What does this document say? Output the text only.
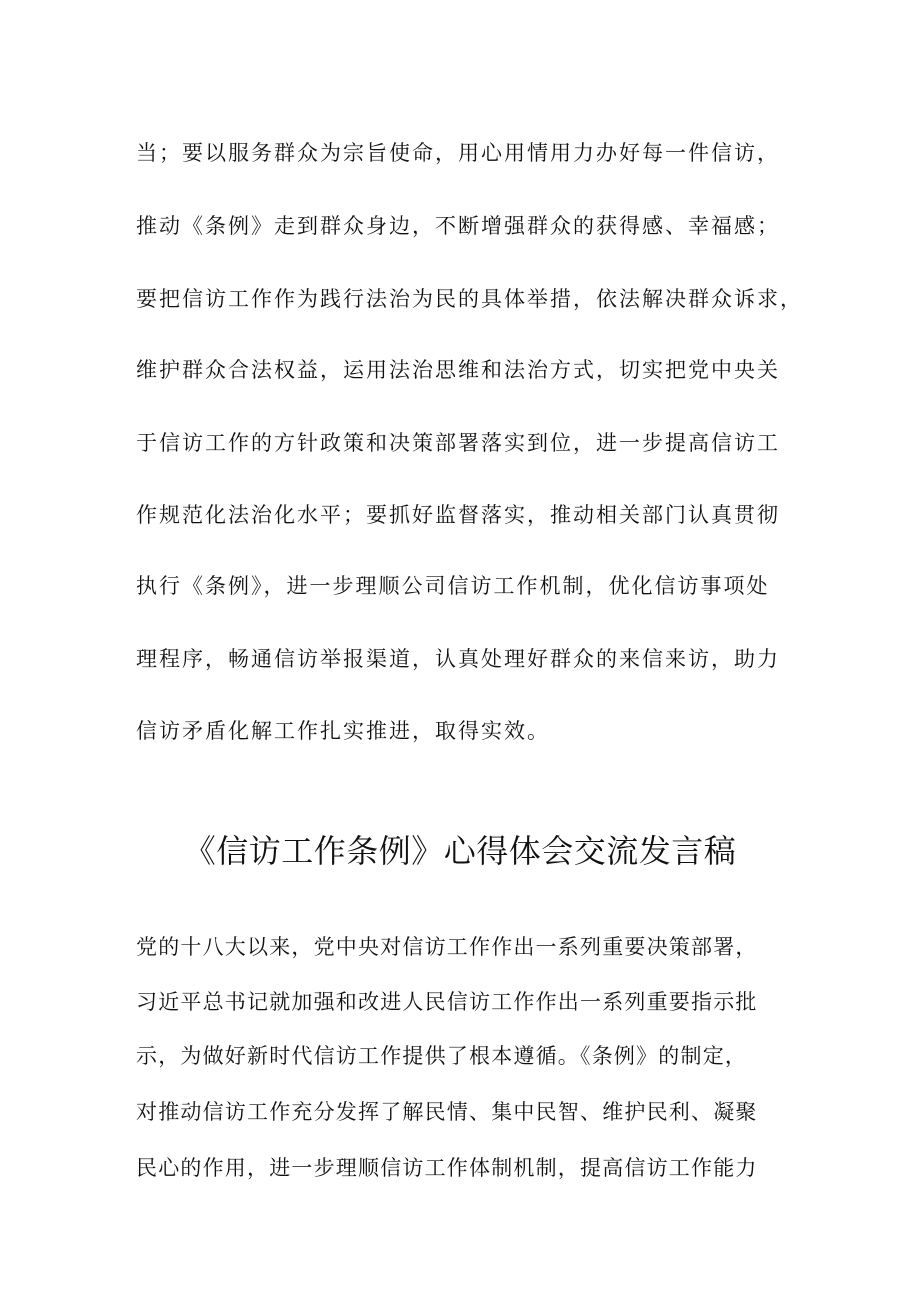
当；要以服务群众为宗旨使命，用心用情用力办好每一件信访，
推动《条例》走到群众身边，不断增强群众的获得感、幸福感；
要把信访工作作为践行法治为民的具体举措，依法解决群众诉求，
维护群众合法权益，运用法治思维和法治方式，切实把党中央关
于信访工作的方针政策和决策部署落实到位，进一步提高信访工
作规范化法治化水平；要抓好监督落实，推动相关部门认真贯彻
执行《条例》，进一步理顺公司信访工作机制，优化信访事项处
理程序，畅通信访举报渠道，认真处理好群众的来信来访，助力
信访矛盾化解工作扎实推进，取得实效。
《信访工作条例》心得体会交流发言稿
党的十八大以来，党中央对信访工作作出一系列重要决策部署，
习近平总书记就加强和改进人民信访工作作出一系列重要指示批
示，为做好新时代信访工作提供了根本遵循。《条例》的制定，
对推动信访工作充分发挥了解民情、集中民智、维护民利、凝聚
民心的作用，进一步理顺信访工作体制机制，提高信访工作能力
